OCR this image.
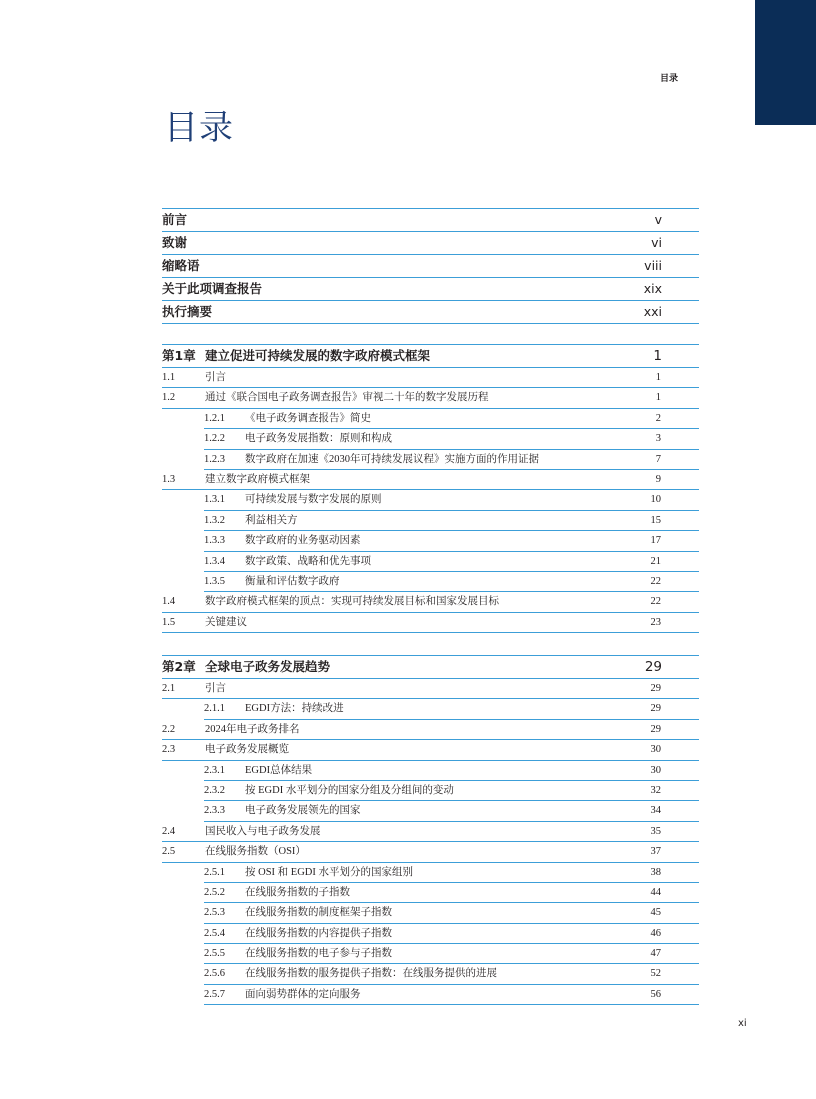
目录
目录
前言	v
致谢	vi
缩略语	viii
关于此项调查报告	xix
执行摘要	xxi
第1章 建立促进可持续发展的数字政府模式框架	1
1.1	引言	1
1.2	通过《联合国电子政务调查报告》审视二十年的数字发展历程	1
1.2.1 《电子政务调查报告》简史	2
1.2.2 电子政务发展指数：原则和构成	3
1.2.3 数字政府在加速《2030年可持续发展议程》实施方面的作用证据	7
1.3	建立数字政府模式框架	9
1.3.1 可持续发展与数字发展的原则	10
1.3.2 利益相关方	15
1.3.3 数字政府的业务驱动因素	17
1.3.4 数字政策、战略和优先事项	21
1.3.5 衡量和评估数字政府	22
1.4	数字政府模式框架的顶点：实现可持续发展目标和国家发展目标	22
1.5	关键建议	23
第2章 全球电子政务发展趋势	29
2.1	引言	29
2.1.1 EGDI方法：持续改进	29
2.2	2024年电子政务排名	29
2.3	电子政务发展概览	30
2.3.1 EGDI总体结果	30
2.3.2 按 EGDI 水平划分的国家分组及分组间的变动	32
2.3.3 电子政务发展领先的国家	34
2.4	国民收入与电子政务发展	35
2.5	在线服务指数（OSI）	37
2.5.1 按 OSI 和 EGDI 水平划分的国家组别	38
2.5.2 在线服务指数的子指数	44
2.5.3 在线服务指数的制度框架子指数	45
2.5.4 在线服务指数的内容提供子指数	46
2.5.5 在线服务指数的电子参与子指数	47
2.5.6 在线服务指数的服务提供子指数：在线服务提供的进展	52
2.5.7 面向弱势群体的定向服务	56
xi
